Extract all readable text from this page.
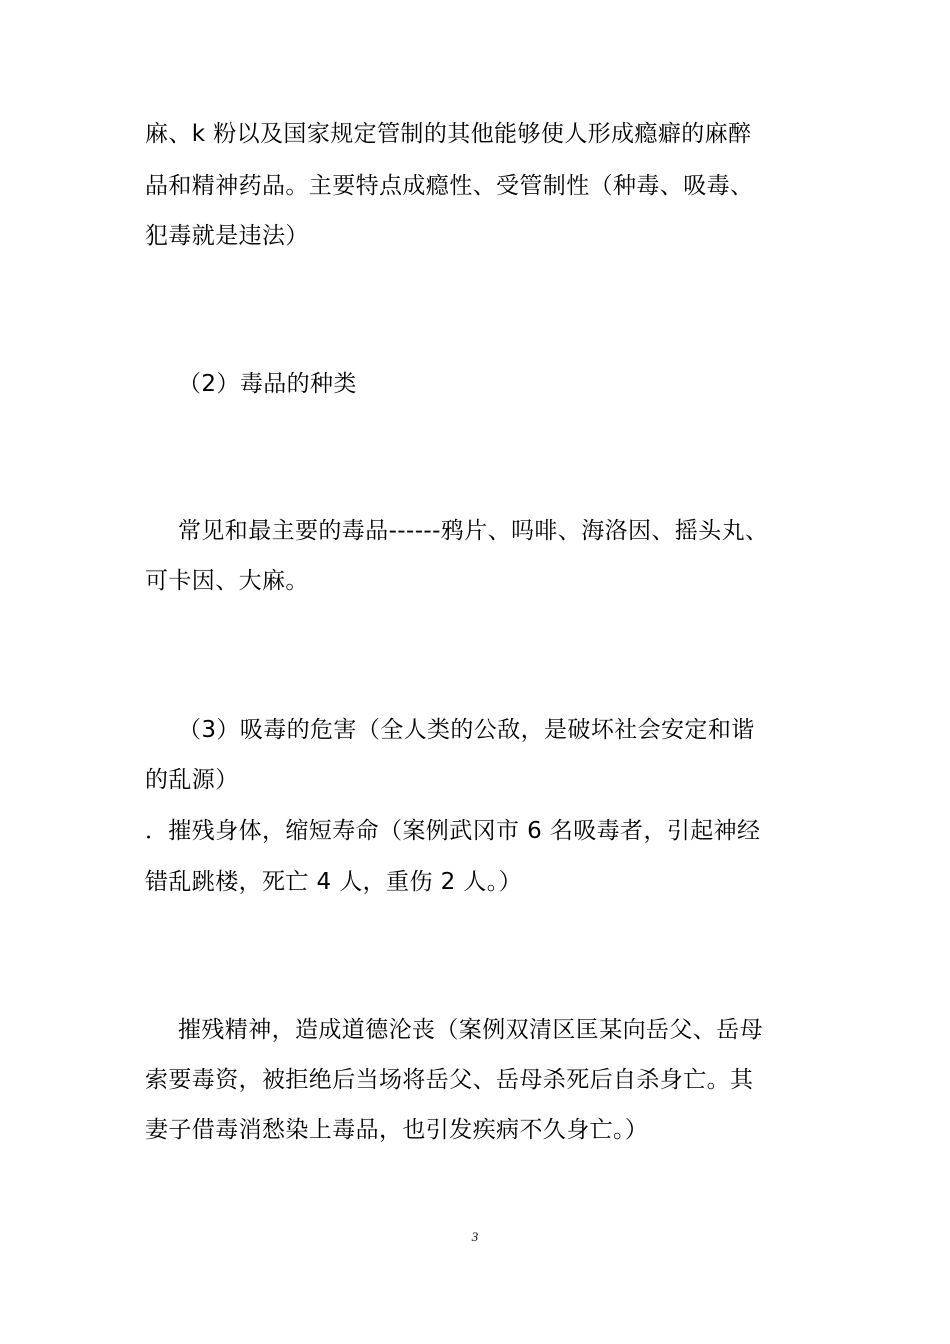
麻、k 粉以及国家规定管制的其他能够使人形成瘾癖的麻醉
品和精神药品。主要特点成瘾性、受管制性（种毒、吸毒、
犯毒就是违法）
（2）毒品的种类
常见和最主要的毒品------鸦片、吗啡、海洛因、摇头丸、
可卡因、大麻。
（3）吸毒的危害（全人类的公敌，是破坏社会安定和谐
的乱源）
．摧残身体，缩短寿命（案例武冈市 6 名吸毒者，引起神经
错乱跳楼，死亡 4 人，重伤 2 人。）
摧残精神，造成道德沦丧（案例双清区匡某向岳父、岳母
索要毒资，被拒绝后当场将岳父、岳母杀死后自杀身亡。其
妻子借毒消愁染上毒品，也引发疾病不久身亡。）
3
